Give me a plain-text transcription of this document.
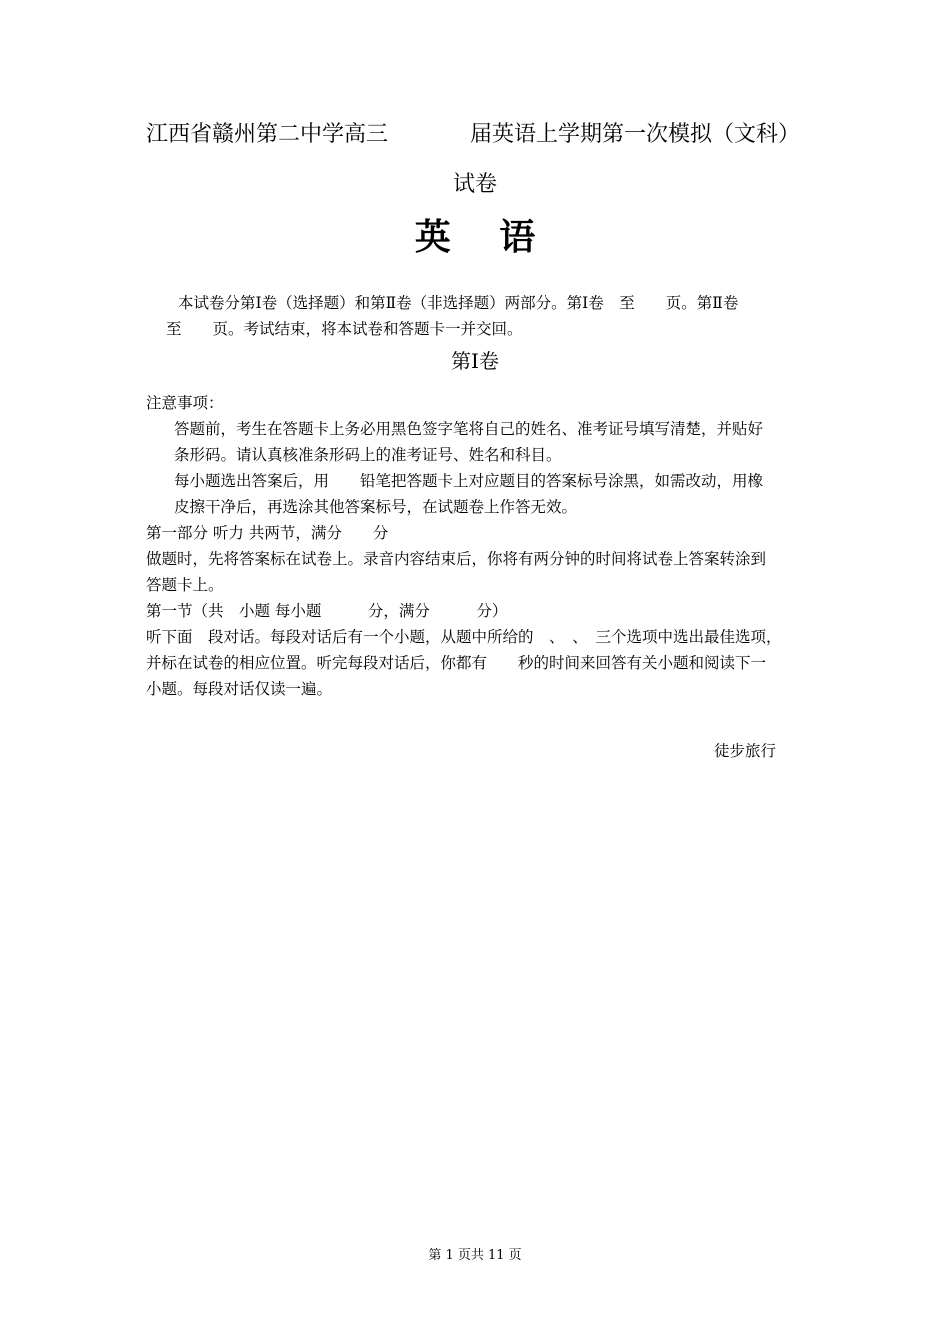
江西省赣州第二中学高三	届英语上学期第一次模拟（文科）
试卷
英 语
本试卷分第Ⅰ卷（选择题）和第Ⅱ卷（非选择题）两部分。第Ⅰ卷　至　　页。第Ⅱ卷
至　　页。考试结束，将本试卷和答题卡一并交回。
第Ⅰ卷
注意事项：
答题前，考生在答题卡上务必用黑色签字笔将自己的姓名、准考证号填写清楚，并贴好
条形码。请认真核准条形码上的准考证号、姓名和科目。
每小题选出答案后，用　　铅笔把答题卡上对应题目的答案标号涂黑，如需改动，用橡
皮擦干净后，再选涂其他答案标号，在试题卷上作答无效。
第一部分 听力 共两节，满分　　分
做题时，先将答案标在试卷上。录音内容结束后，你将有两分钟的时间将试卷上答案转涂到
答题卡上。
第一节（共　小题 每小题　　　分，满分　　　分）
听下面　段对话。每段对话后有一个小题，从题中所给的　、　、　三个选项中选出最佳选项，
并标在试卷的相应位置。听完每段对话后，你都有　　秒的时间来回答有关小题和阅读下一
小题。每段对话仅读一遍。
徒步旅行
第 1 页共 11 页
